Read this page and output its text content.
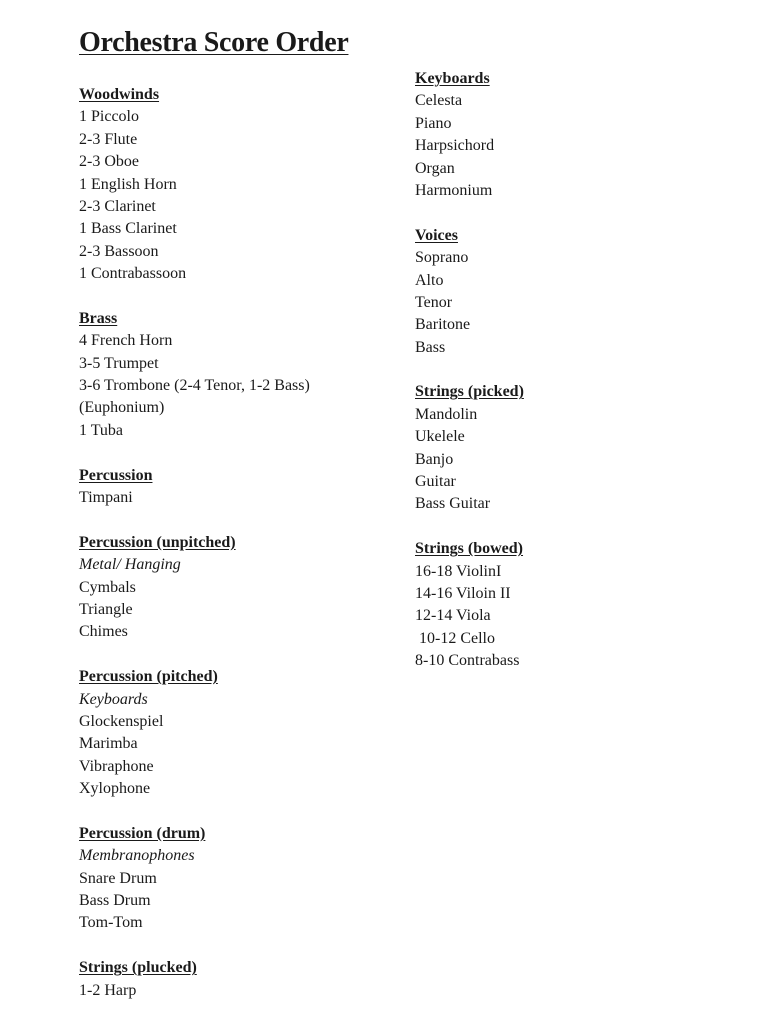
Orchestra Score Order
Woodwinds
1 Piccolo
2-3 Flute
2-3 Oboe
1 English Horn
2-3 Clarinet
1 Bass Clarinet
2-3 Bassoon
1 Contrabassoon
Brass
4 French Horn
3-5 Trumpet
3-6 Trombone (2-4 Tenor, 1-2 Bass)
(Euphonium)
1 Tuba
Percussion
Timpani
Percussion (unpitched)
Metal/ Hanging
Cymbals
Triangle
Chimes
Percussion (pitched)
Keyboards
Glockenspiel
Marimba
Vibraphone
Xylophone
Percussion (drum)
Membranophones
Snare Drum
Bass Drum
Tom-Tom
Strings (plucked)
1-2 Harp
Keyboards
Celesta
Piano
Harpsichord
Organ
Harmonium
Voices
Soprano
Alto
Tenor
Baritone
Bass
Strings (picked)
Mandolin
Ukelele
Banjo
Guitar
Bass Guitar
Strings (bowed)
16-18 ViolinI
14-16 Viloin II
12-14 Viola
10-12 Cello
8-10 Contrabass
